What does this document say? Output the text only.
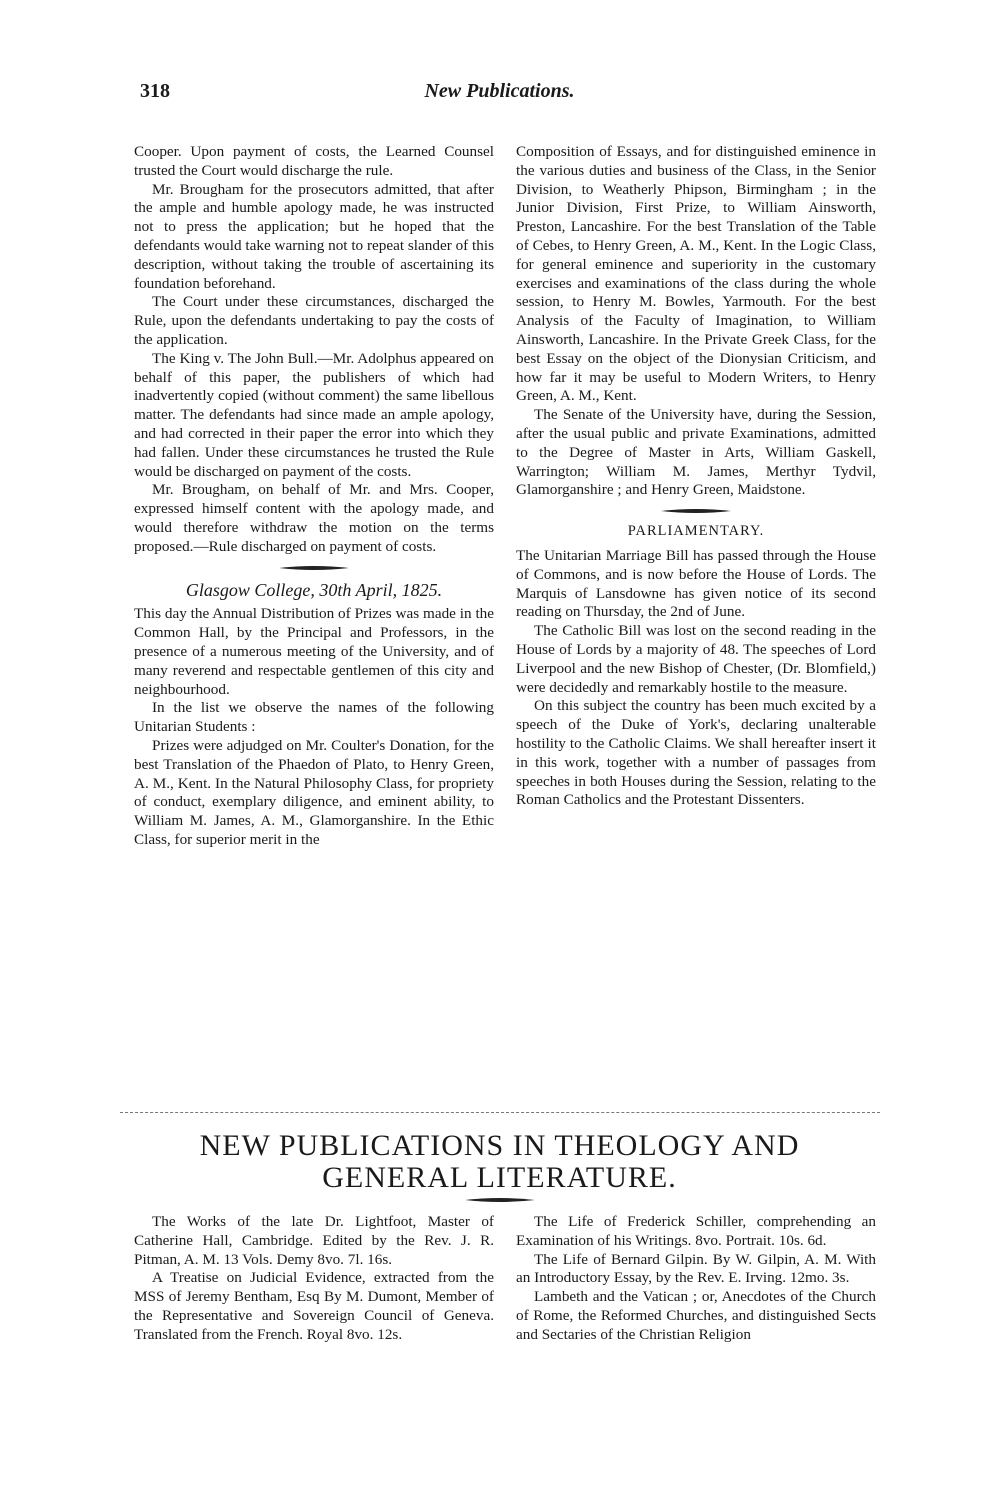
318	New Publications.

Cooper. Upon payment of costs, the Learned Counsel trusted the Court would discharge the rule.

Mr. Brougham for the prosecutors admitted, that after the ample and humble apology made, he was instructed not to press the application; but he hoped that the defendants would take warning not to repeat slander of this description, without taking the trouble of ascertaining its foundation beforehand.

The Court under these circumstances, discharged the Rule, upon the defendants undertaking to pay the costs of the application.

The King v. The John Bull.—Mr. Adolphus appeared on behalf of this paper, the publishers of which had inadvertently copied (without comment) the same libellous matter. The defendants had since made an ample apology, and had corrected in their paper the error into which they had fallen. Under these circumstances he trusted the Rule would be discharged on payment of the costs.

Mr. Brougham, on behalf of Mr. and Mrs. Cooper, expressed himself content with the apology made, and would therefore withdraw the motion on the terms proposed.—Rule discharged on payment of costs.

Glasgow College, 30th April, 1825.

This day the Annual Distribution of Prizes was made in the Common Hall, by the Principal and Professors, in the presence of a numerous meeting of the University, and of many reverend and respectable gentlemen of this city and neighbourhood.

In the list we observe the names of the following Unitarian Students :

Prizes were adjudged on Mr. Coulter's Donation, for the best Translation of the Phaedon of Plato, to Henry Green, A. M., Kent. In the Natural Philosophy Class, for propriety of conduct, exemplary diligence, and eminent ability, to William M. James, A. M., Glamorganshire. In the Ethic Class, for superior merit in the

Composition of Essays, and for distinguished eminence in the various duties and business of the Class, in the Senior Division, to Weatherly Phipson, Birmingham ; in the Junior Division, First Prize, to William Ainsworth, Preston, Lancashire. For the best Translation of the Table of Cebes, to Henry Green, A. M., Kent. In the Logic Class, for general eminence and superiority in the customary exercises and examinations of the class during the whole session, to Henry M. Bowles, Yarmouth. For the best Analysis of the Faculty of Imagination, to William Ainsworth, Lancashire. In the Private Greek Class, for the best Essay on the object of the Dionysian Criticism, and how far it may be useful to Modern Writers, to Henry Green, A. M., Kent.

The Senate of the University have, during the Session, after the usual public and private Examinations, admitted to the Degree of Master in Arts, William Gaskell, Warrington; William M. James, Merthyr Tydvil, Glamorganshire ; and Henry Green, Maidstone.

PARLIAMENTARY.

The Unitarian Marriage Bill has passed through the House of Commons, and is now before the House of Lords. The Marquis of Lansdowne has given notice of its second reading on Thursday, the 2nd of June.

The Catholic Bill was lost on the second reading in the House of Lords by a majority of 48. The speeches of Lord Liverpool and the new Bishop of Chester, (Dr. Blomfield,) were decidedly and remarkably hostile to the measure.

On this subject the country has been much excited by a speech of the Duke of York's, declaring unalterable hostility to the Catholic Claims. We shall hereafter insert it in this work, together with a number of passages from speeches in both Houses during the Session, relating to the Roman Catholics and the Protestant Dissenters.

NEW PUBLICATIONS IN THEOLOGY AND
GENERAL LITERATURE.

The Works of the late Dr. Lightfoot, Master of Catherine Hall, Cambridge. Edited by the Rev. J. R. Pitman, A. M. 13 Vols. Demy 8vo. 7l. 16s.

A Treatise on Judicial Evidence, extracted from the MSS of Jeremy Bentham, Esq By M. Dumont, Member of the Representative and Sovereign Council of Geneva. Translated from the French. Royal 8vo. 12s.

The Life of Frederick Schiller, comprehending an Examination of his Writings. 8vo. Portrait. 10s. 6d.

The Life of Bernard Gilpin. By W. Gilpin, A. M. With an Introductory Essay, by the Rev. E. Irving. 12mo. 3s.

Lambeth and the Vatican ; or, Anecdotes of the Church of Rome, the Reformed Churches, and distinguished Sects and Sectaries of the Christian Religion
